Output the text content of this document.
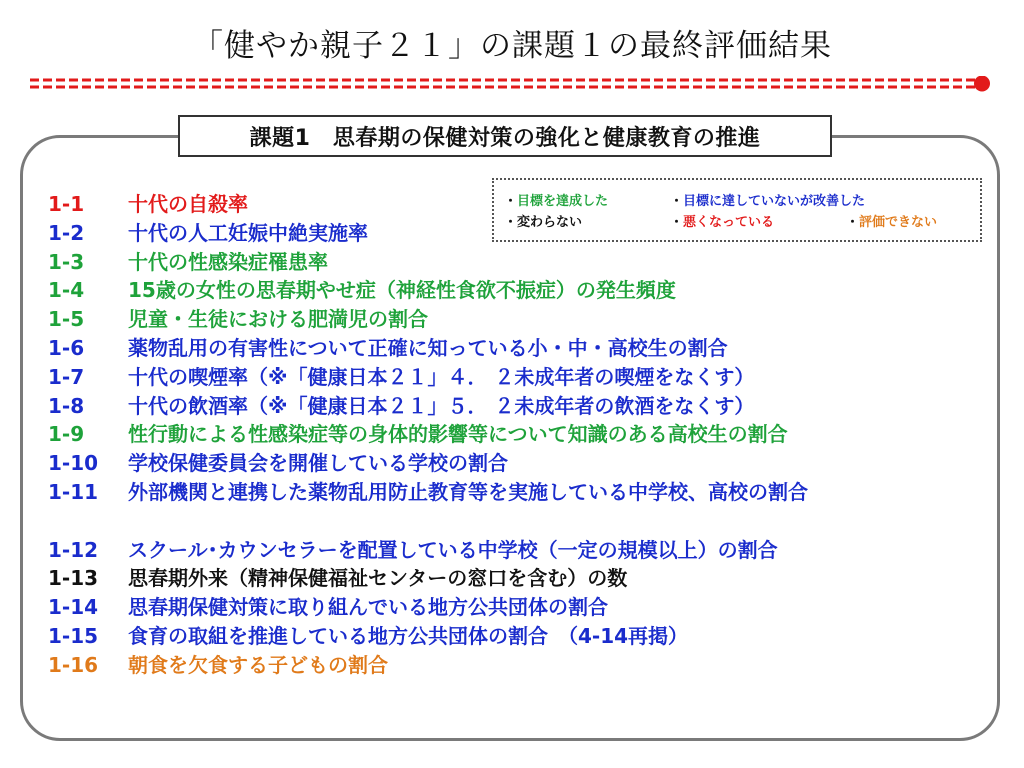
「健やか親子２１」の課題１の最終評価結果
課題1　思春期の保健対策の強化と健康教育の推進
・目標を達成した	・目標に達していないが改善した
・変わらない	・悪くなっている	・評価できない
1-1	十代の自殺率
1-2	十代の人工妊娠中絶実施率
1-3	十代の性感染症罹患率
1-4	15歳の女性の思春期やせ症（神経性食欲不振症）の発生頻度
1-5	児童・生徒における肥満児の割合
1-6	薬物乱用の有害性について正確に知っている小・中・高校生の割合
1-7	十代の喫煙率（※「健康日本２１」４． ２未成年者の喫煙をなくす）
1-8	十代の飲酒率（※「健康日本２１」５． ２未成年者の飲酒をなくす）
1-9	性行動による性感染症等の身体的影響等について知識のある高校生の割合
1-10	学校保健委員会を開催している学校の割合
1-11	外部機関と連携した薬物乱用防止教育等を実施している中学校、高校の割合
1-12	スクール･カウンセラーを配置している中学校（一定の規模以上）の割合
1-13	思春期外来（精神保健福祉センターの窓口を含む）の数
1-14	思春期保健対策に取り組んでいる地方公共団体の割合
1-15	食育の取組を推進している地方公共団体の割合　（4-14再掲）
1-16	朝食を欠食する子どもの割合
